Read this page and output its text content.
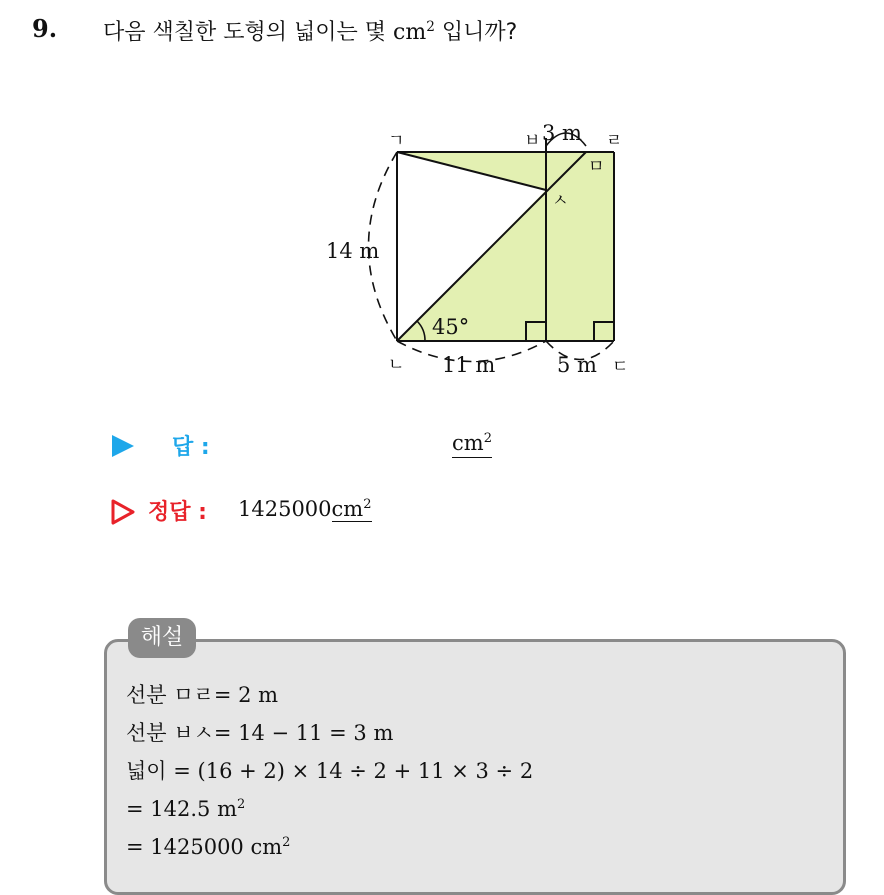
9. 다음 색칠한 도형의 넓이는 몇 $cm^2$ 입니까?
ㄱ
ㄴ	ㄷ
ㄹ
ㅁ
ㅂ
ㅅ
3 m
14 m
11 m	5 m
45°
답 :	$cm^2$
정답 : $1425000cm^2$
해설
선분 ㅁㄹ= 2 m
선분 ㅂㅅ= 14 − 11 = 3 m
넓이 = (16 + 2) × 14 ÷ 2 + 11 × 3 ÷ 2
= 142.5 $m^2$
= 1425000 $cm^2$
